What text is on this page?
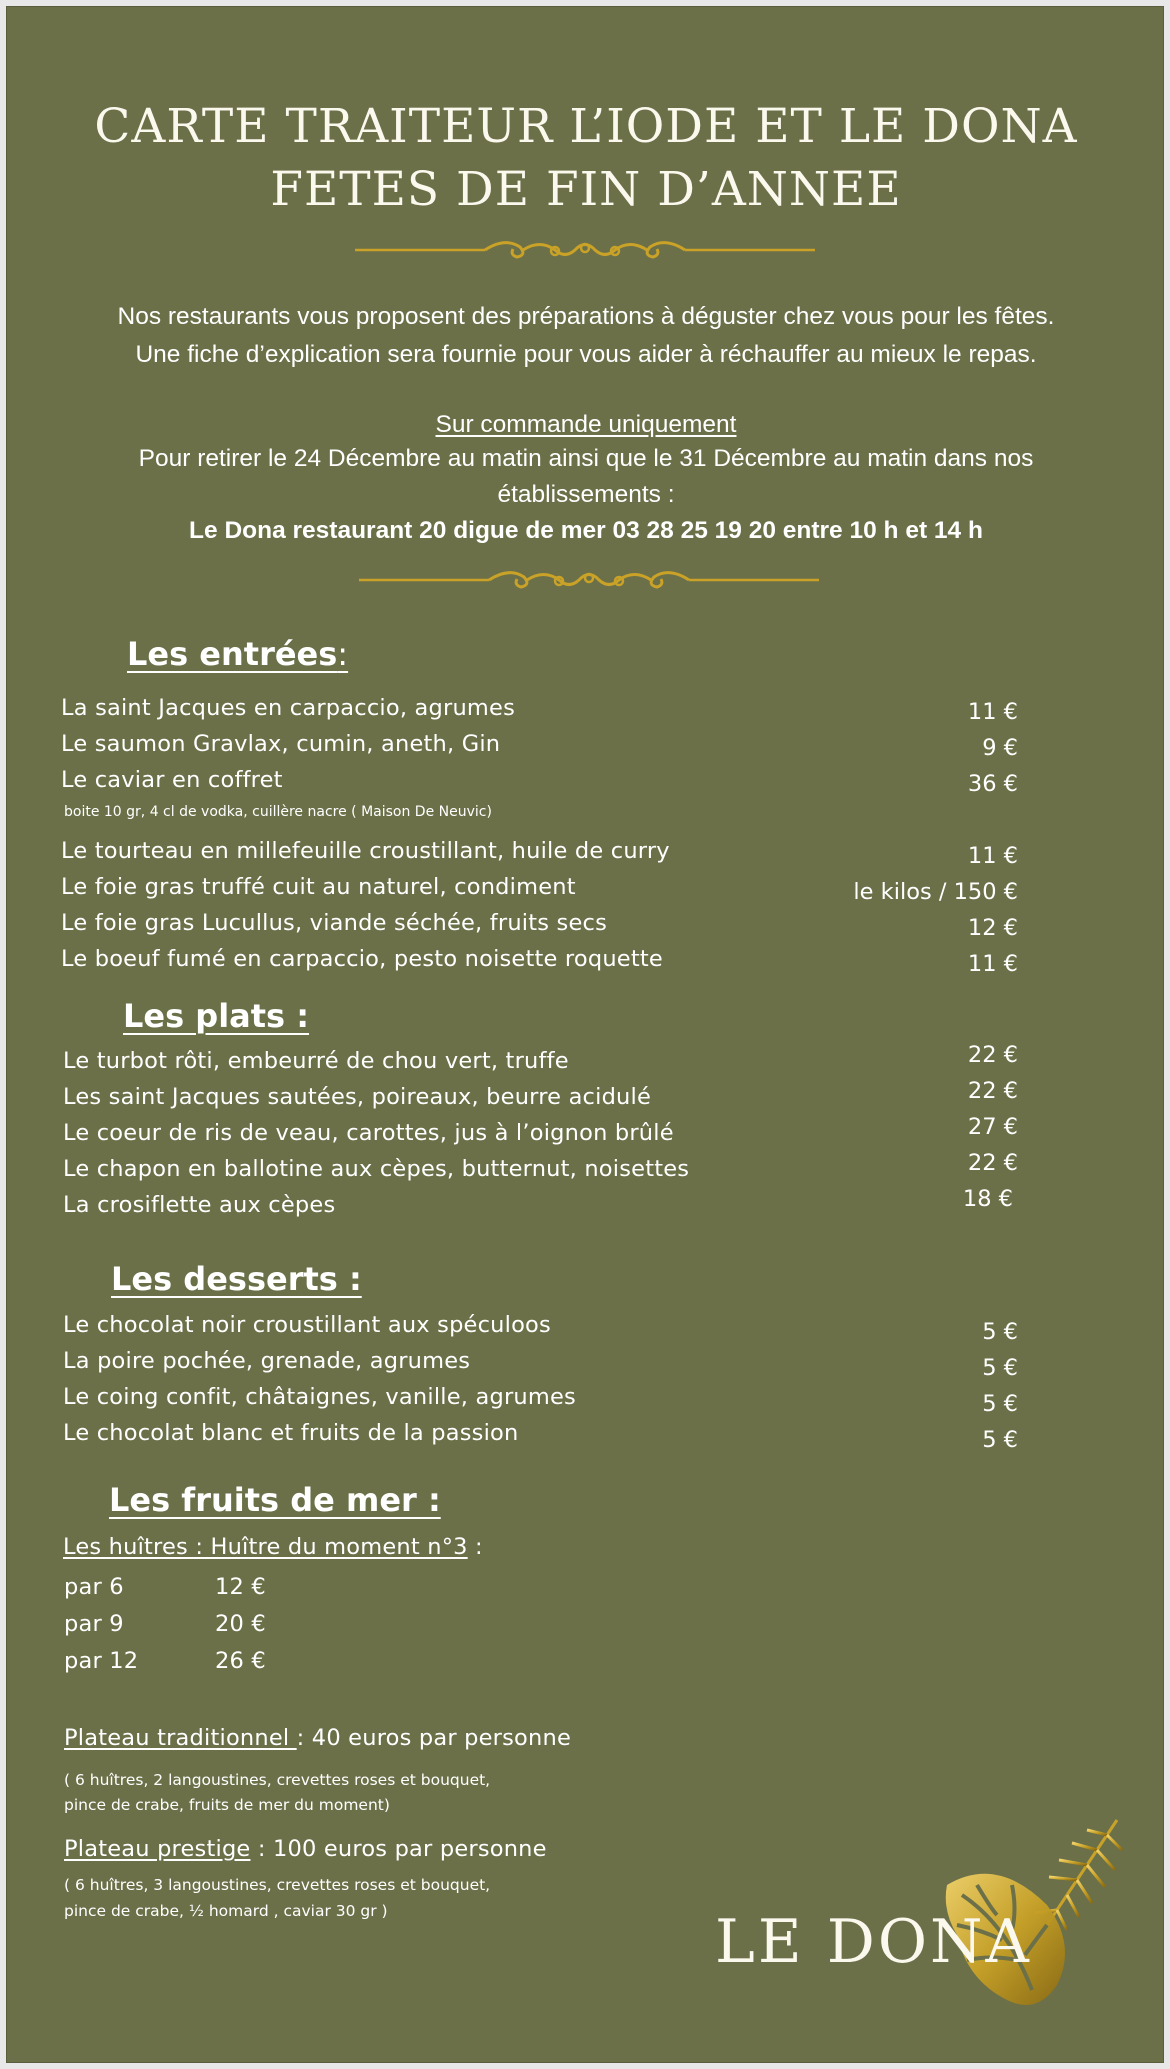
CARTE TRAITEUR L’IODE ET LE DONA
FETES DE FIN D’ANNEE
Nos restaurants vous proposent des préparations à déguster chez vous pour les fêtes.
Une fiche d’explication sera fournie pour vous aider à réchauffer au mieux le repas.
Sur commande uniquement
Pour retirer le 24 Décembre au matin ainsi que le 31 Décembre au matin dans nos
établissements :
Le Dona restaurant 20 digue de mer 03 28 25 19 20 entre 10 h et 14 h
Les entrées:
La saint Jacques en carpaccio, agrumes	11 €
Le saumon Gravlax, cumin, aneth, Gin	9 €
Le caviar en coffret	36 €
boite 10 gr, 4 cl de vodka, cuillère nacre ( Maison De Neuvic)
Le tourteau en millefeuille croustillant, huile de curry	11 €
Le foie gras truffé cuit au naturel, condiment	le kilos / 150 €
Le foie gras Lucullus, viande séchée, fruits secs	12 €
Le boeuf fumé en carpaccio, pesto noisette roquette	11 €
Les plats :
Le turbot rôti, embeurré de chou vert, truffe	22 €
Les saint Jacques sautées, poireaux, beurre acidulé	22 €
Le coeur de ris de veau, carottes, jus à l’oignon brûlé	27 €
Le chapon en ballotine aux cèpes, butternut, noisettes	22 €
La crosiflette aux cèpes	18 €
Les desserts :
Le chocolat noir croustillant aux spéculoos	5 €
La poire pochée, grenade, agrumes	5 €
Le coing confit, châtaignes, vanille, agrumes	5 €
Le chocolat blanc et fruits de la passion	5 €
Les fruits de mer :
Les huîtres : Huître du moment n°3 :
par 6	12 €
par 9	20 €
par 12	26 €
Plateau traditionnel : 40 euros par personne
( 6 huîtres, 2 langoustines, crevettes roses et bouquet,
pince de crabe, fruits de mer du moment)
Plateau prestige : 100 euros par personne
( 6 huîtres, 3 langoustines, crevettes roses et bouquet,
pince de crabe, ½ homard , caviar 30 gr )	LE DONA
